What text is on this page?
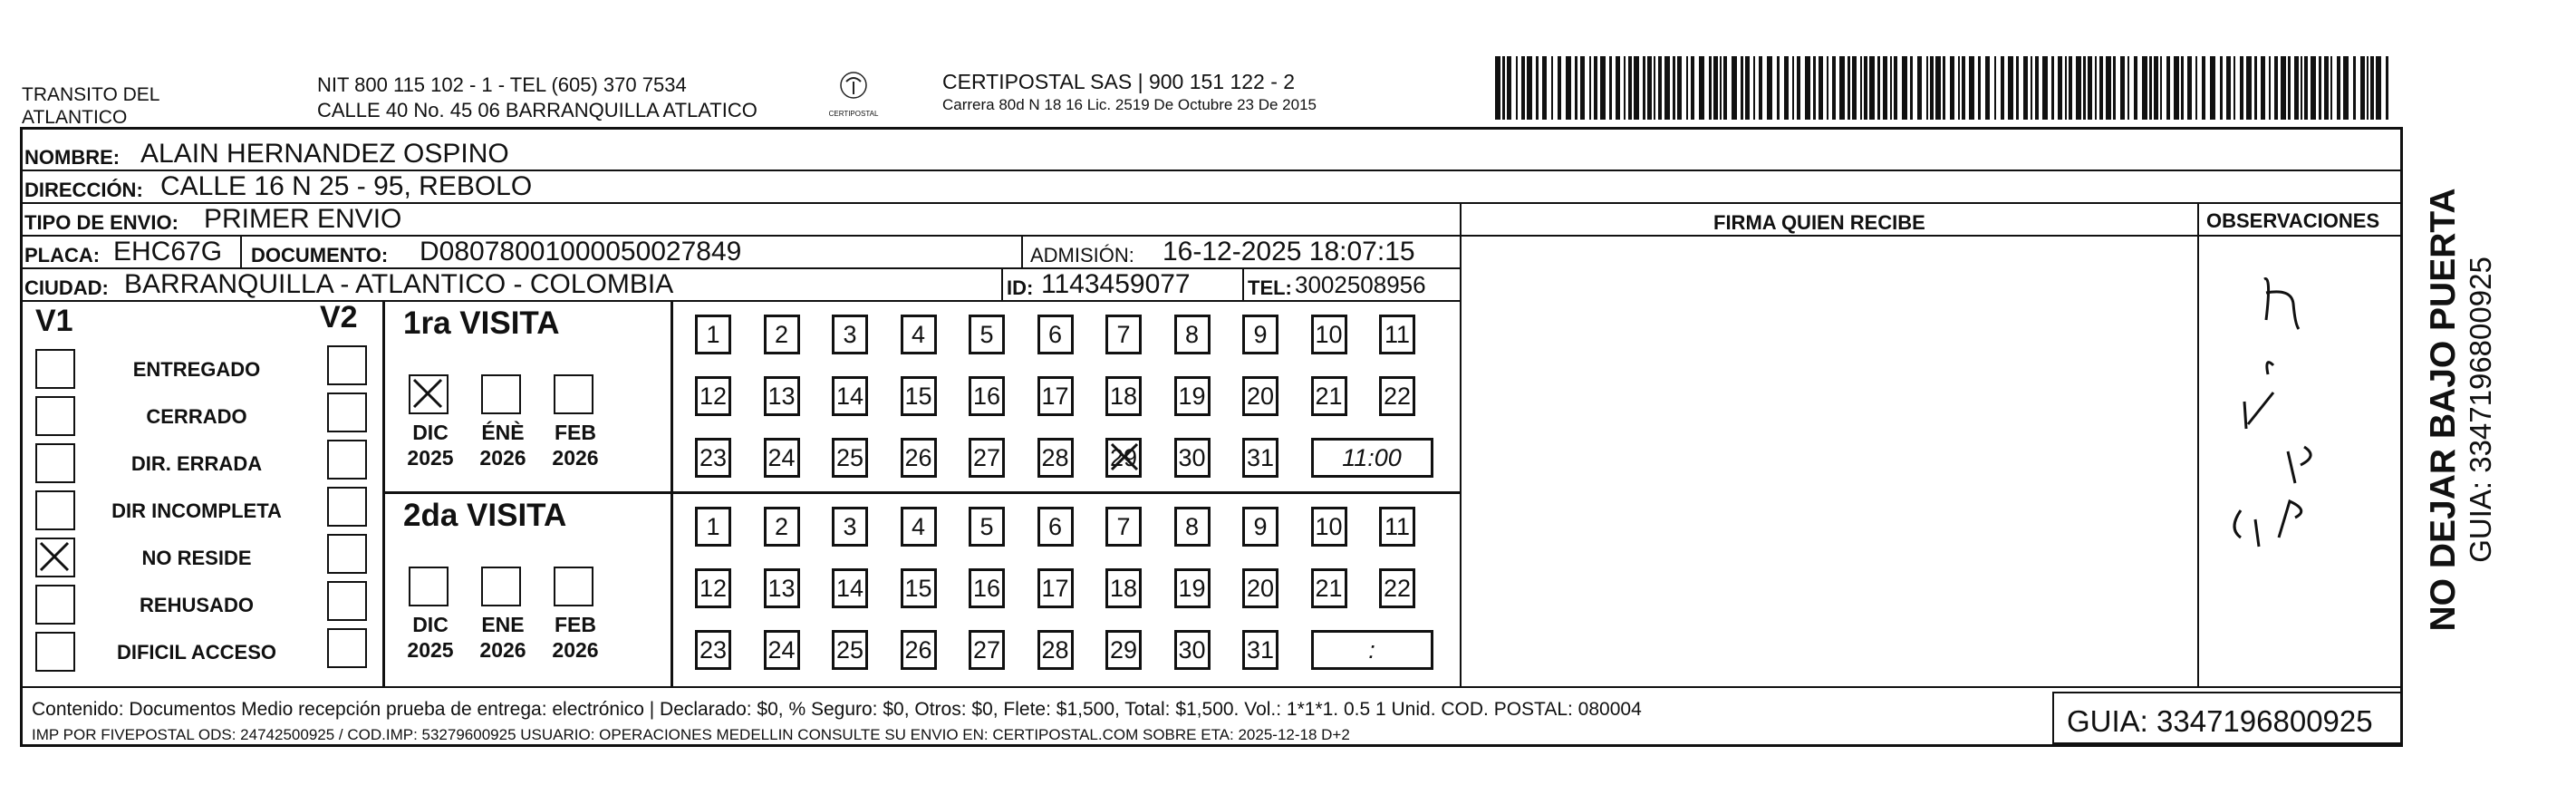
TRANSITO DEL
ATLANTICO
NIT 800 115 102 - 1 - TEL (605) 370 7534
CALLE 40 No. 45 06 BARRANQUILLA ATLATICO	CERTIPOSTAL
CERTIPOSTAL SAS | 900 151 122 - 2
Carrera 80d N 18 16 Lic. 2519 De Octubre 23 De 2015
NOMBRE: ALAIN HERNANDEZ OSPINO
DIRECCIÓN: CALLE 16 N 25 - 95, REBOLO
TIPO DE ENVIO: PRIMER ENVIO	FIRMA QUIEN RECIBE	OBSERVACIONES
PLACA: EHC67G DOCUMENTO: D08078001000050027849	ADMISIÓN: 16-12-2025 18:07:15
CIUDAD: BARRANQUILLA - ATLANTICO - COLOMBIA	ID: 1143459077	TEL: 3002508956
V1	V2
ENTREGADO
CERRADO
DIR. ERRADA
DIR INCOMPLETA
NO RESIDE
REHUSADO
DIFICIL ACCESO
1ra VISITA
DIC
2025
ÉNÈ
2026
FEB
2026
1	2	3	4	5	6	7	8	9	10 11
12 13 14 15 16 17 18 19 20 21 22
23 24 25 26 27 28 29 30 31	11:00
2da VISITA
DIC
2025
ENE
2026
FEB
2026
1	2	3	4	5	6	7	8	9	10 11
12 13 14 15 16 17 18 19 20 21 22
23 24 25 26 27 28 29 30 31	:
Contenido: Documentos Medio recepción prueba de entrega: electrónico | Declarado: $0, % Seguro: $0, Otros: $0, Flete: $1,500, Total: $1,500. Vol.: 1*1*1. 0.5 1 Unid. COD. POSTAL: 080004
IMP POR FIVEPOSTAL ODS: 24742500925 / COD.IMP: 53279600925 USUARIO: OPERACIONES MEDELLIN CONSULTE SU ENVIO EN: CERTIPOSTAL.COM SOBRE ETA: 2025-12-18 D+2	GUIA: 3347196800925
NO DEJAR BAJO PUERTA GUIA: 3347196800925
